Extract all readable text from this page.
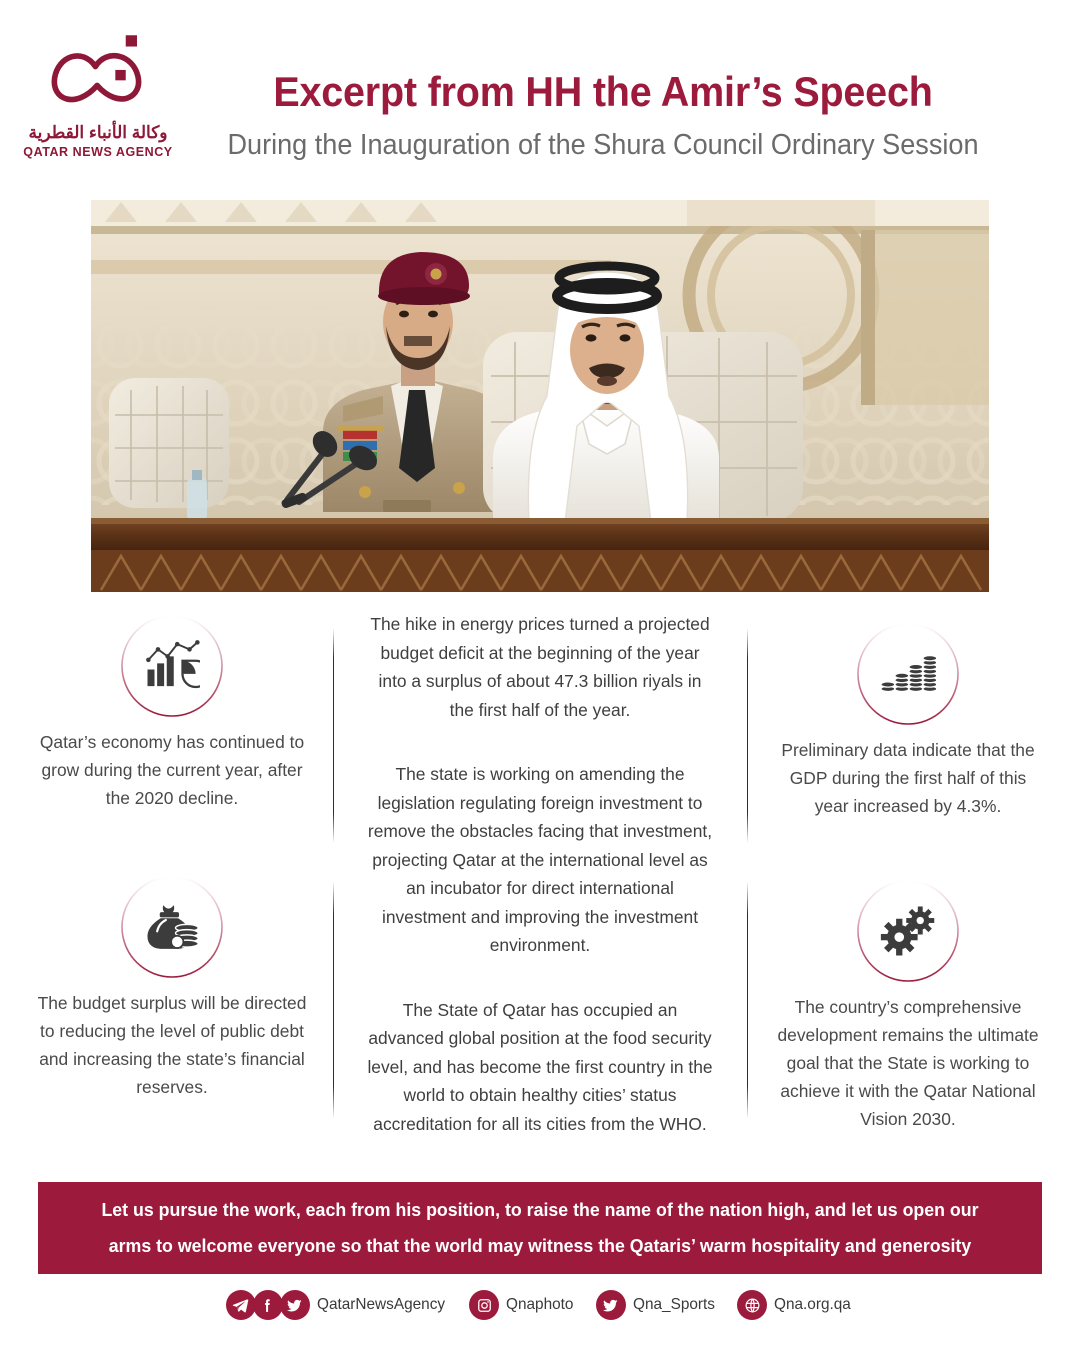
وكالة الأنباء القطرية
QATAR NEWS AGENCY
Excerpt from HH the Amir’s Speech
During the Inauguration of the Shura Council Ordinary Session
Qatar’s economy has continued to grow during the current year, after the 2020 decline.
The budget surplus will be directed to reducing the level of public debt and increasing the state’s financial reserves.
The hike in energy prices turned a projected budget deficit at the beginning of the year into a surplus of about 47.3 billion riyals in the first half of the year.
The state is working on amending the legislation regulating foreign investment to remove the obstacles facing that investment, projecting Qatar at the international level as an incubator for direct international investment and improving the investment environment.
The State of Qatar has occupied an advanced global position at the food security level, and has become the first country in the world to obtain healthy cities’ status accreditation for all its cities from the WHO.
Preliminary data indicate that the GDP during the first half of this year increased by 4.3%.
The country’s comprehensive development remains the ultimate goal that the State is working to achieve it with the Qatar National Vision 2030.
Let us pursue the work, each from his position, to raise the name of the nation high, and let us open our arms to welcome everyone so that the world may witness the Qataris’ warm hospitality and generosity
QatarNewsAgency	Qnaphoto	Qna_Sports	Qna.org.qa
